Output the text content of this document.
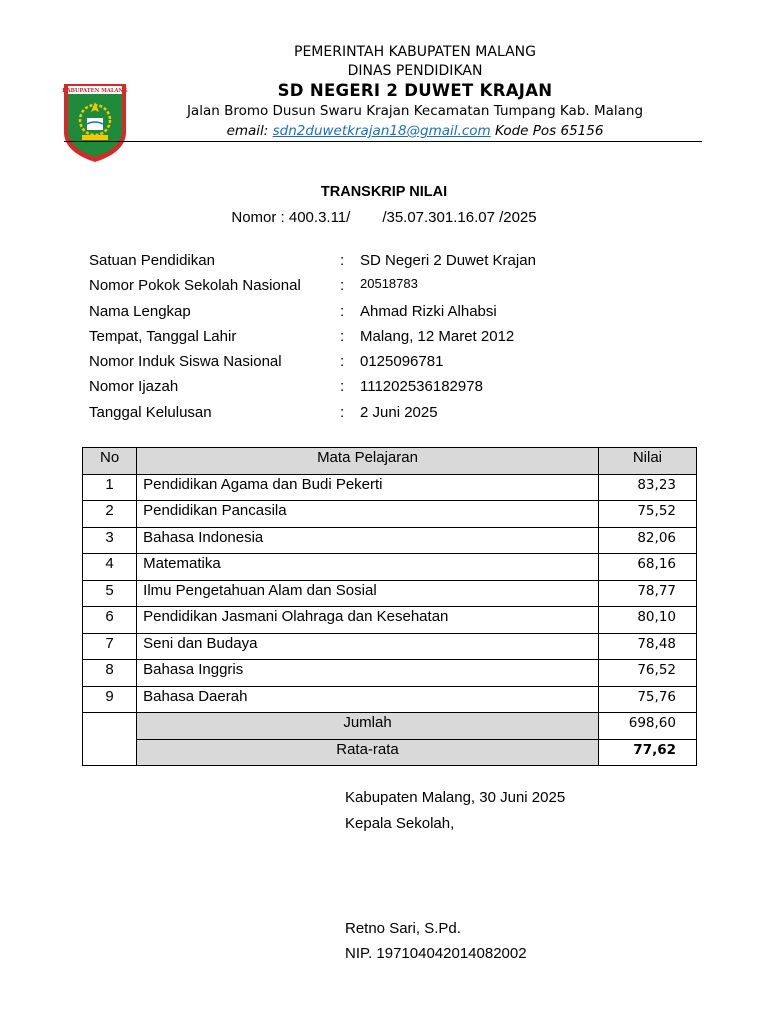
KABUPATEN MALANG
PEMERINTAH KABUPATEN MALANG
DINAS PENDIDIKAN
SD NEGERI 2 DUWET KRAJAN
Jalan Bromo Dusun Swaru Krajan Kecamatan Tumpang Kab. Malang
email: sdn2duwetkrajan18@gmail.com Kode Pos 65156
TRANSKRIP NILAI
Nomor : 400.3.11/ /35.07.301.16.07 /2025
Satuan Pendidikan	: SD Negeri 2 Duwet Krajan
Nomor Pokok Sekolah Nasional	: 20518783
Nama Lengkap	: Ahmad Rizki Alhabsi
Tempat, Tanggal Lahir	: Malang, 12 Maret 2012
Nomor Induk Siswa Nasional	: 0125096781
Nomor Ijazah	: 111202536182978
Tanggal Kelulusan	: 2 Juni 2025
No	Mata Pelajaran	Nilai
1	Pendidikan Agama dan Budi Pekerti	83,23
2	Pendidikan Pancasila	75,52
3	Bahasa Indonesia	82,06
4	Matematika	68,16
5	Ilmu Pengetahuan Alam dan Sosial	78,77
6	Pendidikan Jasmani Olahraga dan Kesehatan	80,10
7	Seni dan Budaya	78,48
8	Bahasa Inggris	76,52
9	Bahasa Daerah	75,76
	Jumlah	698,60
	Rata-rata	77,62
Kabupaten Malang, 30 Juni 2025
Kepala Sekolah,
Retno Sari, S.Pd.
NIP. 197104042014082002
